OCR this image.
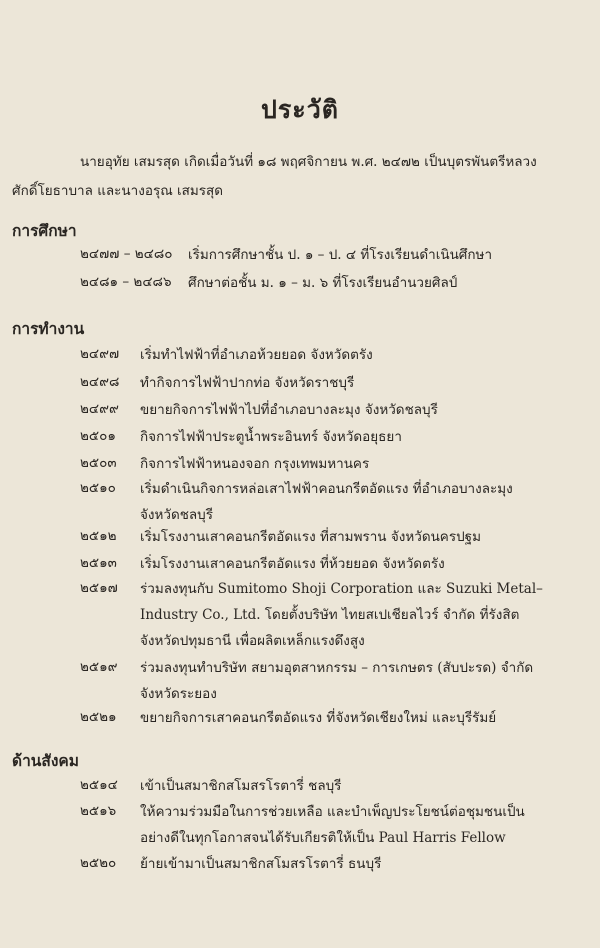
ประวัติ
นายอุทัย เสมรสุด เกิดเมื่อวันที่ ๑๘ พฤศจิกายน พ.ศ. ๒๔๗๒ เป็นบุตรพันตรีหลวงศักดิ์โยธาบาล และนางอรุณ เสมรสุด
การศึกษา
๒๔๗๗ – ๒๔๘๐ เริ่มการศึกษาชั้น ป. ๑ – ป. ๔ ที่โรงเรียนดำเนินศึกษา
๒๔๘๑ – ๒๔๘๖ ศึกษาต่อชั้น ม. ๑ – ม. ๖ ที่โรงเรียนอำนวยศิลป์
การทำงาน
๒๔๙๗ เริ่มทำไฟฟ้าที่อำเภอห้วยยอด จังหวัดตรัง
๒๔๙๘ ทำกิจการไฟฟ้าปากท่อ จังหวัดราชบุรี
๒๔๙๙ ขยายกิจการไฟฟ้าไปที่อำเภอบางละมุง จังหวัดชลบุรี
๒๕๐๑ กิจการไฟฟ้าประตูน้ำพระอินทร์ จังหวัดอยุธยา
๒๕๐๓ กิจการไฟฟ้าหนองจอก กรุงเทพมหานคร
๒๕๑๐ เริ่มดำเนินกิจการหล่อเสาไฟฟ้าคอนกรีตอัดแรง ที่อำเภอบางละมุง จังหวัดชลบุรี
๒๕๑๒ เริ่มโรงงานเสาคอนกรีตอัดแรง ที่สามพราน จังหวัดนครปฐม
๒๕๑๓ เริ่มโรงงานเสาคอนกรีตอัดแรง ที่ห้วยยอด จังหวัดตรัง
๒๕๑๗ ร่วมลงทุนกับ Sumitomo Shoji Corporation และ Suzuki Metal–Industry Co., Ltd. โดยตั้งบริษัท ไทยสเปเชียลไวร์ จำกัด ที่รังสิต จังหวัดปทุมธานี เพื่อผลิตเหล็กแรงดึงสูง
๒๕๑๙ ร่วมลงทุนทำบริษัท สยามอุตสาหกรรม – การเกษตร (สับปะรด) จำกัด จังหวัดระยอง
๒๕๒๑ ขยายกิจการเสาคอนกรีตอัดแรง ที่จังหวัดเชียงใหม่ และบุรีรัมย์
ด้านสังคม
๒๕๑๔ เข้าเป็นสมาชิกสโมสรโรตารี่ ชลบุรี
๒๕๑๖ ให้ความร่วมมือในการช่วยเหลือ และบำเพ็ญประโยชน์ต่อชุมชนเป็นอย่างดีในทุกโอกาสจนได้รับเกียรติให้เป็น Paul Harris Fellow
๒๕๒๐ ย้ายเข้ามาเป็นสมาชิกสโมสรโรตารี่ ธนบุรี
